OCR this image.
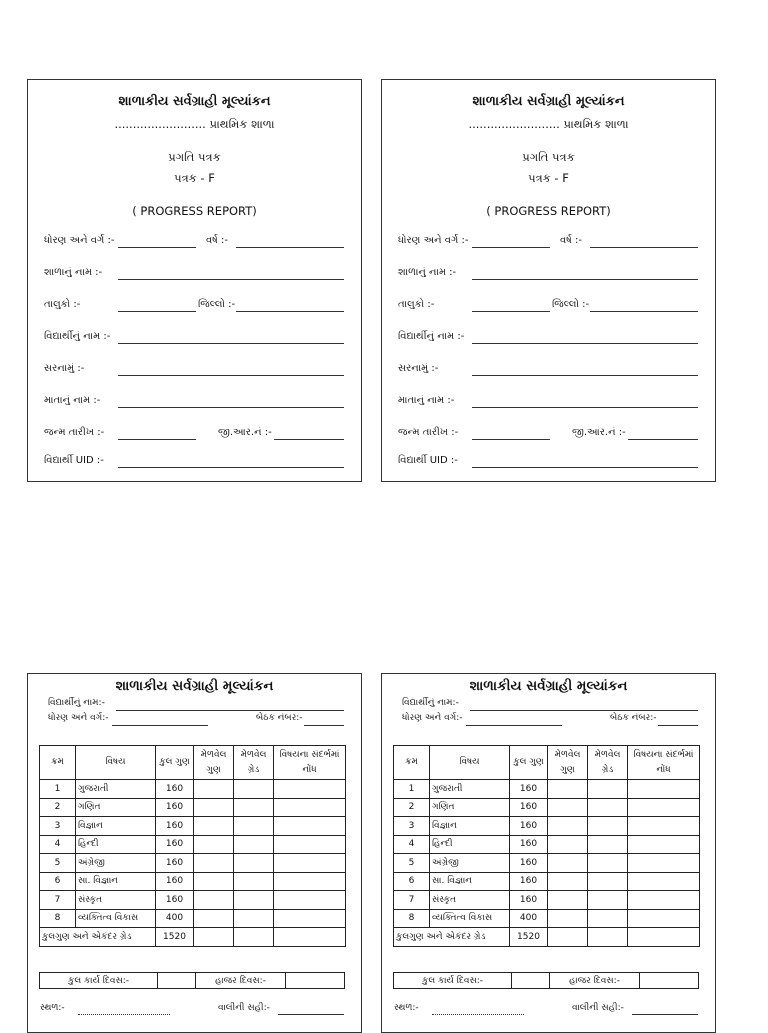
શાળાકીય સર્વગ્રાહી મૂલ્યાંકન
......................... પ્રાથમિક શાળા
પ્રગતિ પત્રક
પત્રક - F
( PROGRESS REPORT)
ધોરણ અને વર્ગ :-	વર્ષ :-
શાળાનું નામ :-
તાલુકો :-	જિલ્લો :-
વિદ્યાર્થીનું નામ :-
સરનામું :-
માતાનું નામ :-
જન્મ તારીખ :-	જી.આર.નં :-
વિદ્યાર્થી UID :-
શાળાકીય સર્વગ્રાહી મૂલ્યાંકન
......................... પ્રાથમિક શાળા
પ્રગતિ પત્રક
પત્રક - F
( PROGRESS REPORT)
ધોરણ અને વર્ગ :-	વર્ષ :-
શાળાનું નામ :-
તાલુકો :-	જિલ્લો :-
વિદ્યાર્થીનું નામ :-
સરનામું :-
માતાનું નામ :-
જન્મ તારીખ :-	જી.આર.નં :-
વિદ્યાર્થી UID :-
શાળાકીય સર્વગ્રાહી મૂલ્યાંકન
વિદ્યાર્થીનું નામ:-
ધોરણ અને વર્ગ:-	બેઠક નંબર:-
ક્રમ	વિષય	કુલ ગુણ	મેળવેલ ગુણ	મેળવેલ ગ્રેડ	વિષયના સંદર્ભમાં નોંધ
1	ગુજરાતી	160			
2	ગણિત	160			
3	વિજ્ઞાન	160			
4	હિન્દી	160			
5	અંગ્રેજી	160			
6	સા. વિજ્ઞાન	160			
7	સંસ્કૃત	160			
8	વ્યક્તિત્વ વિકાસ	400			
કુલગુણ અને એકંદર ગ્રેડ		1520			
કુલ કાર્ય દિવસ:-	હાજર દિવસ:-
સ્થળ:-	વાલીની સહી:-
શાળાકીય સર્વગ્રાહી મૂલ્યાંકન
વિદ્યાર્થીનું નામ:-
ધોરણ અને વર્ગ:-	બેઠક નંબર:-
ક્રમ	વિષય	કુલ ગુણ	મેળવેલ ગુણ	મેળવેલ ગ્રેડ	વિષયના સંદર્ભમાં નોંધ
1	ગુજરાતી	160			
2	ગણિત	160			
3	વિજ્ઞાન	160			
4	હિન્દી	160			
5	અંગ્રેજી	160			
6	સા. વિજ્ઞાન	160			
7	સંસ્કૃત	160			
8	વ્યક્તિત્વ વિકાસ	400			
કુલગુણ અને એકંદર ગ્રેડ		1520			
કુલ કાર્ય દિવસ:-	હાજર દિવસ:-
સ્થળ:-	વાલીની સહી:-
